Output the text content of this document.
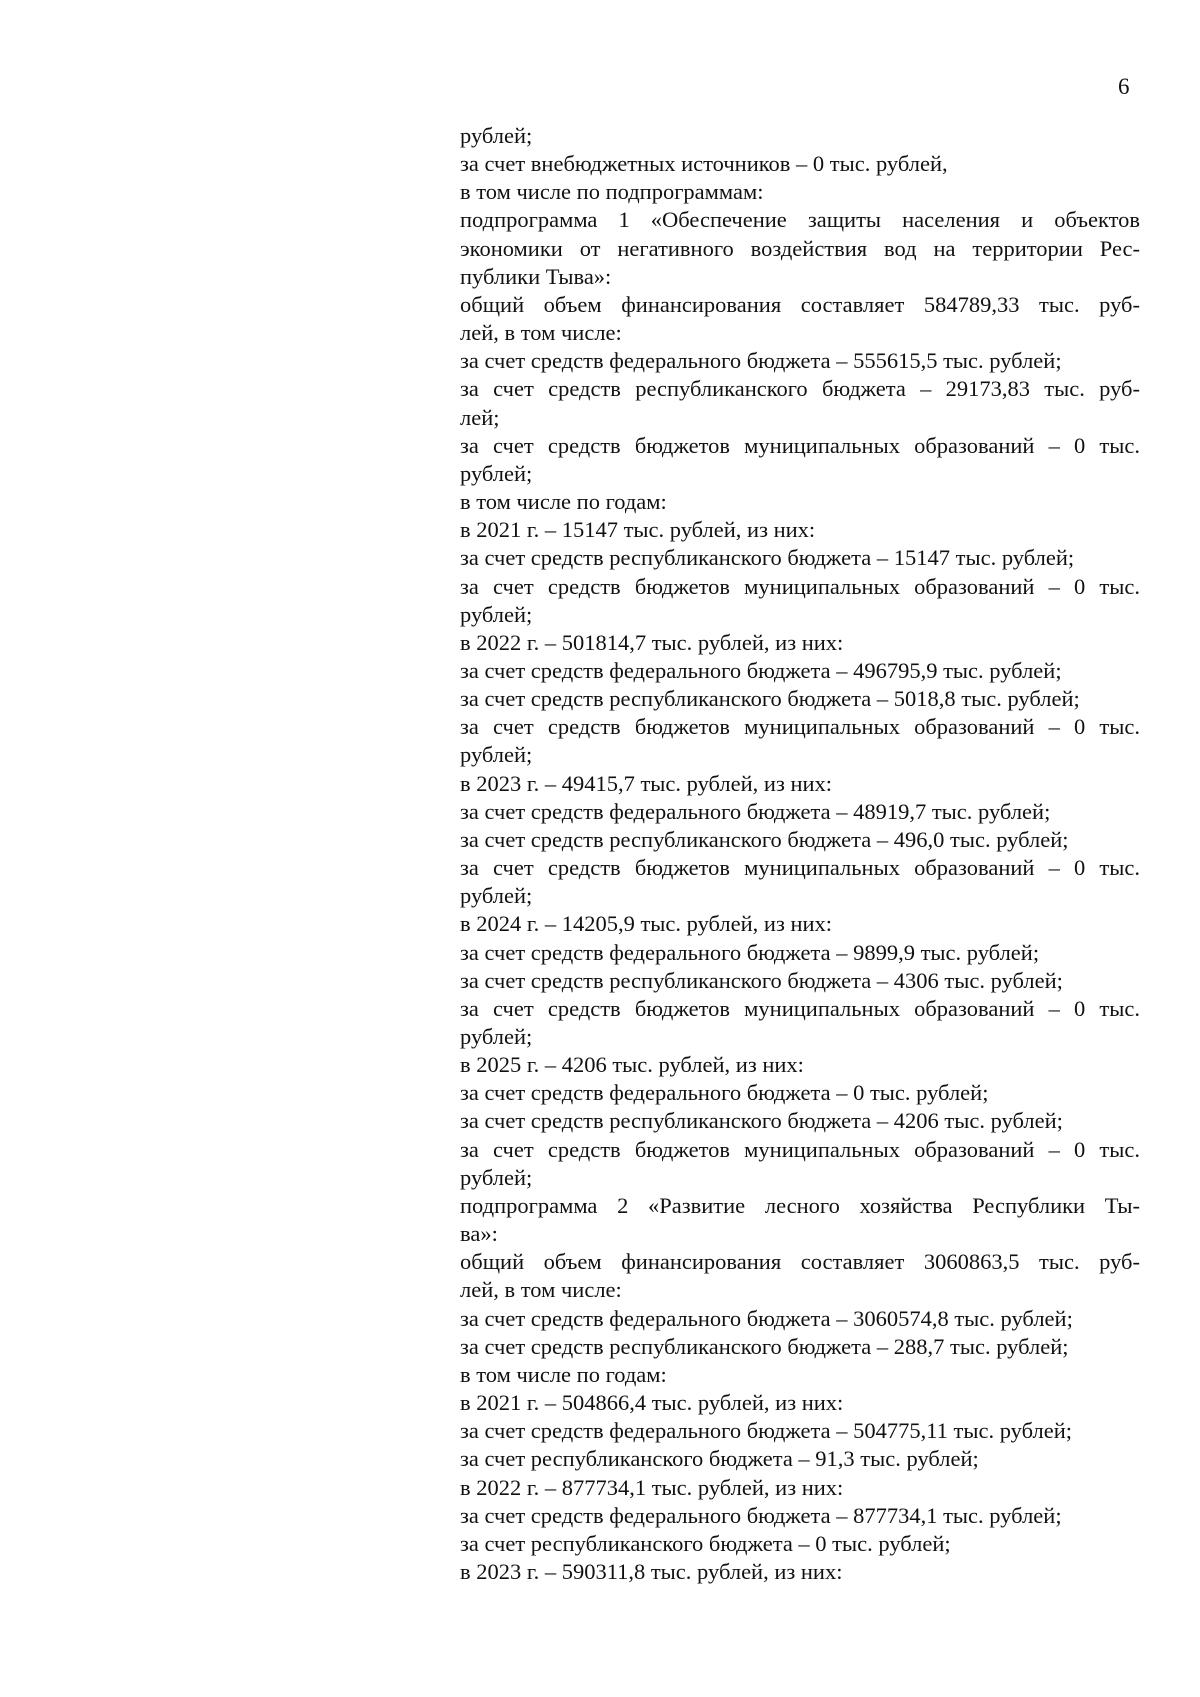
6
рублей;
за счет внебюджетных источников – 0 тыс. рублей,
в том числе по подпрограммам:
подпрограмма 1 «Обеспечение защиты населения и объектов
экономики от негативного воздействия вод на территории Рес-
публики Тыва»:
общий объем финансирования составляет 584789,33 тыс. руб-
лей, в том числе:
за счет средств федерального бюджета – 555615,5 тыс. рублей;
за счет средств республиканского бюджета – 29173,83 тыс. руб-
лей;
за счет средств бюджетов муниципальных образований – 0 тыс.
рублей;
в том числе по годам:
в 2021 г. – 15147 тыс. рублей, из них:
за счет средств республиканского бюджета – 15147 тыс. рублей;
за счет средств бюджетов муниципальных образований – 0 тыс.
рублей;
в 2022 г. – 501814,7 тыс. рублей, из них:
за счет средств федерального бюджета – 496795,9 тыс. рублей;
за счет средств республиканского бюджета – 5018,8 тыс. рублей;
за счет средств бюджетов муниципальных образований – 0 тыс.
рублей;
в 2023 г. – 49415,7 тыс. рублей, из них:
за счет средств федерального бюджета – 48919,7 тыс. рублей;
за счет средств республиканского бюджета – 496,0 тыс. рублей;
за счет средств бюджетов муниципальных образований – 0 тыс.
рублей;
в 2024 г. – 14205,9 тыс. рублей, из них:
за счет средств федерального бюджета – 9899,9 тыс. рублей;
за счет средств республиканского бюджета – 4306 тыс. рублей;
за счет средств бюджетов муниципальных образований – 0 тыс.
рублей;
в 2025 г. – 4206 тыс. рублей, из них:
за счет средств федерального бюджета – 0 тыс. рублей;
за счет средств республиканского бюджета – 4206 тыс. рублей;
за счет средств бюджетов муниципальных образований – 0 тыс.
рублей;
подпрограмма 2 «Развитие лесного хозяйства Республики Ты-
ва»:
общий объем финансирования составляет 3060863,5 тыс. руб-
лей, в том числе:
за счет средств федерального бюджета – 3060574,8 тыс. рублей;
за счет средств республиканского бюджета – 288,7 тыс. рублей;
в том числе по годам:
в 2021 г. – 504866,4 тыс. рублей, из них:
за счет средств федерального бюджета – 504775,11 тыс. рублей;
за счет республиканского бюджета – 91,3 тыс. рублей;
в 2022 г. – 877734,1 тыс. рублей, из них:
за счет средств федерального бюджета – 877734,1 тыс. рублей;
за счет республиканского бюджета – 0 тыс. рублей;
в 2023 г. – 590311,8 тыс. рублей, из них:
